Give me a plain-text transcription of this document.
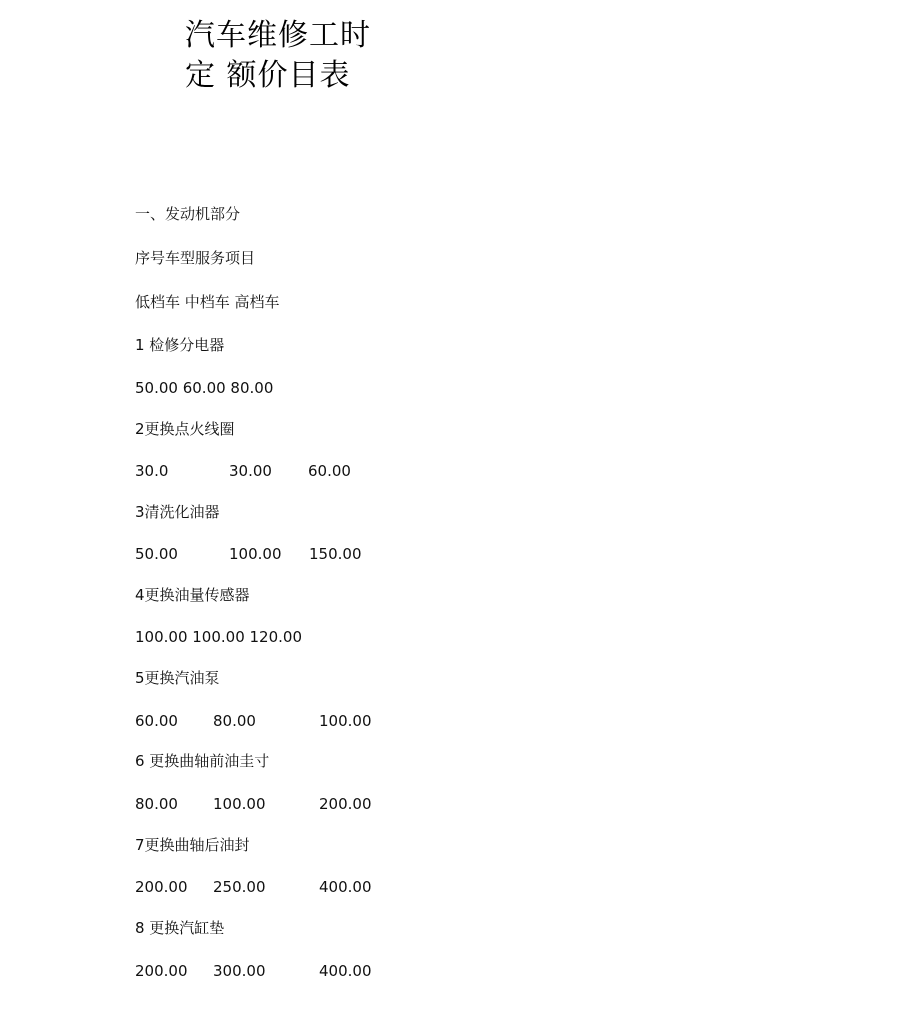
汽车维修工时
定 额价目表
一、发动机部分
序号车型服务项目
低档车 中档车 高档车
1 检修分电器
50.00 60.00 80.00
2更换点火线圈
30.0	30.00 60.00
3清洗化油器
50.00	100.00 150.00
4更换油量传感器
100.00 100.00 120.00
5更换汽油泵
60.00 80.00	100.00
6 更换曲轴前油圭寸
80.00 100.00	200.00
7更换曲轴后油封
200.00 250.00	400.00
8 更换汽缸垫
200.00 300.00	400.00
